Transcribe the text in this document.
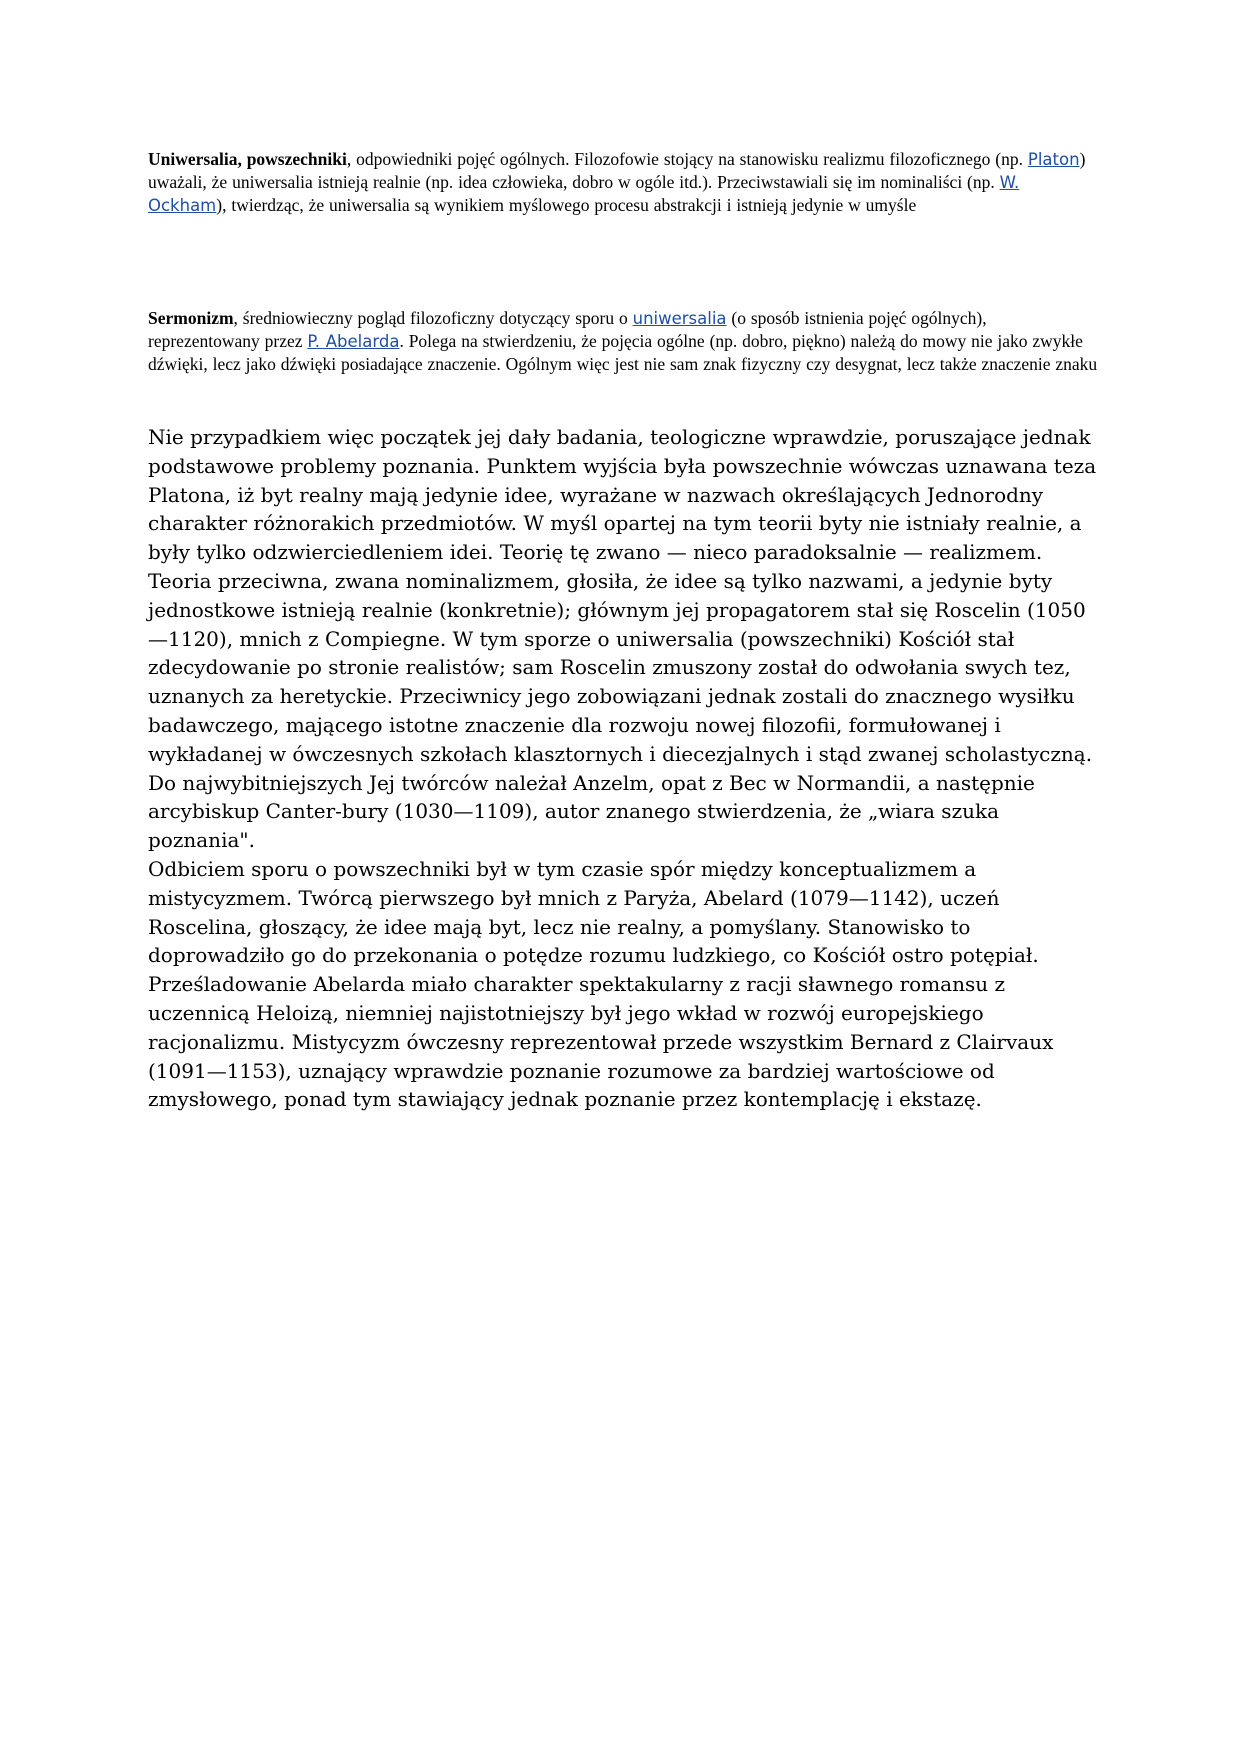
Uniwersalia, powszechniki, odpowiedniki pojęć ogólnych. Filozofowie stojący na stanowisku realizmu filozoficznego (np. Platon) uważali, że uniwersalia istnieją realnie (np. idea człowieka, dobro w ogóle itd.). Przeciwstawiali się im nominaliści (np. W. Ockham), twierdząc, że uniwersalia są wynikiem myślowego procesu abstrakcji i istnieją jedynie w umyśle

Sermonizm, średniowieczny pogląd filozoficzny dotyczący sporu o uniwersalia (o sposób istnienia pojęć ogólnych), reprezentowany przez P. Abelarda. Polega na stwierdzeniu, że pojęcia ogólne (np. dobro, piękno) należą do mowy nie jako zwykłe dźwięki, lecz jako dźwięki posiadające znaczenie. Ogólnym więc jest nie sam znak fizyczny czy desygnat, lecz także znaczenie znaku

Nie przypadkiem więc początek jej dały badania, teologiczne wprawdzie, poruszające jednak podstawowe problemy poznania. Punktem wyjścia była powszechnie wówczas uznawana teza Platona, iż byt realny mają jedynie idee, wyrażane w nazwach określających Jednorodny charakter różnorakich przedmiotów. W myśl opartej na tym teorii byty nie istniały realnie, a były tylko odzwierciedleniem idei. Teorię tę zwano — nieco paradoksalnie — realizmem. Teoria przeciwna, zwana nominalizmem, głosiła, że idee są tylko nazwami, a jedynie byty jednostkowe istnieją realnie (konkretnie); głównym jej propagatorem stał się Roscelin (1050—1120), mnich z Compiegne. W tym sporze o uniwersalia (powszechniki) Kościół stał zdecydowanie po stronie realistów; sam Roscelin zmuszony został do odwołania swych tez, uznanych za heretyckie. Przeciwnicy jego zobowiązani jednak zostali do znacznego wysiłku badawczego, mającego istotne znaczenie dla rozwoju nowej filozofii, formułowanej i wykładanej w ówczesnych szkołach klasztornych i diecezjalnych i stąd zwanej scholastyczną. Do najwybitniejszych Jej twórców należał Anzelm, opat z Bec w Normandii, a następnie arcybiskup Canter-bury (1030—1109), autor znanego stwierdzenia, że „wiara szuka poznania".
Odbiciem sporu o powszechniki był w tym czasie spór między konceptualizmem a mistycyzmem. Twórcą pierwszego był mnich z Paryża, Abelard (1079—1142), uczeń Roscelina, głoszący, że idee mają byt, lecz nie realny, a pomyślany. Stanowisko to doprowadziło go do przekonania o potędze rozumu ludzkiego, co Kościół ostro potępiał. Prześladowanie Abelarda miało charakter spektakularny z racji sławnego romansu z uczennicą Heloizą, niemniej najistotniejszy był jego wkład w rozwój europejskiego racjonalizmu. Mistycyzm ówczesny reprezentował przede wszystkim Bernard z Clairvaux (1091—1153), uznający wprawdzie poznanie rozumowe za bardziej wartościowe od zmysłowego, ponad tym stawiający jednak poznanie przez kontemplację i ekstazę.
